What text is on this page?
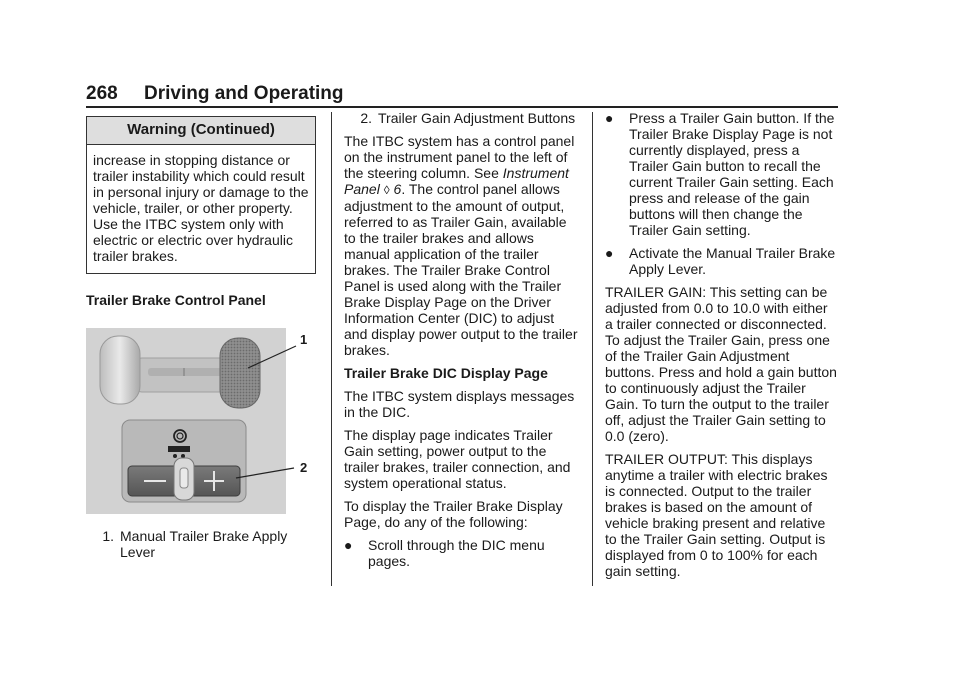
268 Driving and Operating
Warning (Continued)
increase in stopping distance or trailer instability which could result in personal injury or damage to the vehicle, trailer, or other property. Use the ITBC system only with electric or electric over hydraulic trailer brakes.

Trailer Brake Control Panel

1
2
1. Manual Trailer Brake Apply Lever
2. Trailer Gain Adjustment Buttons

The ITBC system has a control panel on the instrument panel to the left of the steering column. See Instrument Panel ◊ 6. The control panel allows adjustment to the amount of output, referred to as Trailer Gain, available to the trailer brakes and allows manual application of the trailer brakes. The Trailer Brake Control Panel is used along with the Trailer Brake Display Page on the Driver Information Center (DIC) to adjust and display power output to the trailer brakes.

Trailer Brake DIC Display Page

The ITBC system displays messages in the DIC.

The display page indicates Trailer Gain setting, power output to the trailer brakes, trailer connection, and system operational status.

To display the Trailer Brake Display Page, do any of the following:

●	Scroll through the DIC menu pages.
●	Press a Trailer Gain button. If the Trailer Brake Display Page is not currently displayed, press a Trailer Gain button to recall the current Trailer Gain setting. Each press and release of the gain buttons will then change the Trailer Gain setting.
●	Activate the Manual Trailer Brake Apply Lever.

TRAILER GAIN: This setting can be adjusted from 0.0 to 10.0 with either a trailer connected or disconnected. To adjust the Trailer Gain, press one of the Trailer Gain Adjustment buttons. Press and hold a gain button to continuously adjust the Trailer Gain. To turn the output to the trailer off, adjust the Trailer Gain setting to 0.0 (zero).

TRAILER OUTPUT: This displays anytime a trailer with electric brakes is connected. Output to the trailer brakes is based on the amount of vehicle braking present and relative to the Trailer Gain setting. Output is displayed from 0 to 100% for each gain setting.
